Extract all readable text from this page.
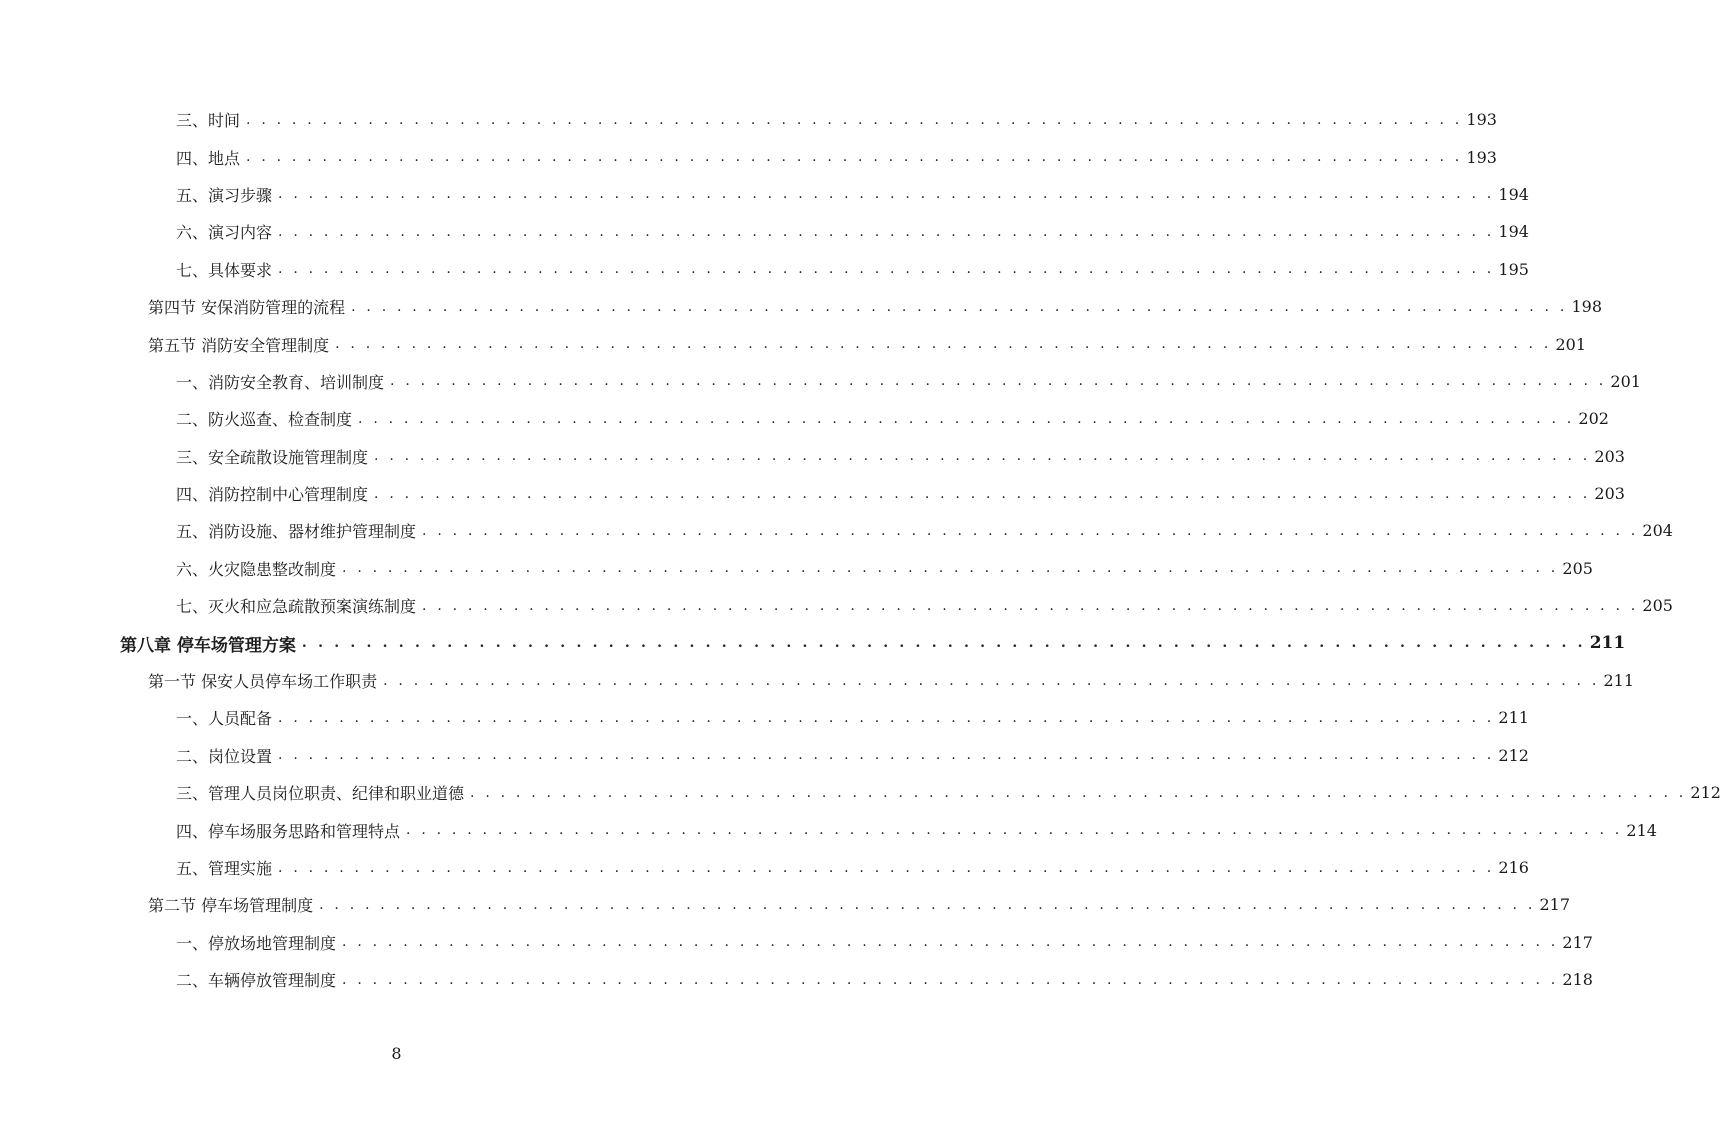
三、时间 . . . . . . . . . . . . . . . . . . . . . . . . . . . . . . . . . . . . . . . . . . . . . . . . . . . . . . . . . . . . . . . . . . . . . . . . . . . . . . . . 193
四、地点 . . . . . . . . . . . . . . . . . . . . . . . . . . . . . . . . . . . . . . . . . . . . . . . . . . . . . . . . . . . . . . . . . . . . . . . . . . . . . . . . 193
五、演习步骤 . . . . . . . . . . . . . . . . . . . . . . . . . . . . . . . . . . . . . . . . . . . . . . . . . . . . . . . . . . . . . . . . . . . . . . . . . . . . . . . . 194
六、演习内容 . . . . . . . . . . . . . . . . . . . . . . . . . . . . . . . . . . . . . . . . . . . . . . . . . . . . . . . . . . . . . . . . . . . . . . . . . . . . . . . . 194
七、具体要求 . . . . . . . . . . . . . . . . . . . . . . . . . . . . . . . . . . . . . . . . . . . . . . . . . . . . . . . . . . . . . . . . . . . . . . . . . . . . . . . . 195
第四节 安保消防管理的流程 . . . . . . . . . . . . . . . . . . . . . . . . . . . . . . . . . . . . . . . . . . . . . . . . . . . . . . . . . . . . . . . . . . . . . . . . . . . . . . . . 198
第五节 消防安全管理制度 . . . . . . . . . . . . . . . . . . . . . . . . . . . . . . . . . . . . . . . . . . . . . . . . . . . . . . . . . . . . . . . . . . . . . . . . . . . . . . . . 201
一、消防安全教育、培训制度 . . . . . . . . . . . . . . . . . . . . . . . . . . . . . . . . . . . . . . . . . . . . . . . . . . . . . . . . . . . . . . . . . . . . . . . . . . . . . . . . 201
二、防火巡查、检查制度 . . . . . . . . . . . . . . . . . . . . . . . . . . . . . . . . . . . . . . . . . . . . . . . . . . . . . . . . . . . . . . . . . . . . . . . . . . . . . . . . 202
三、安全疏散设施管理制度 . . . . . . . . . . . . . . . . . . . . . . . . . . . . . . . . . . . . . . . . . . . . . . . . . . . . . . . . . . . . . . . . . . . . . . . . . . . . . . . . 203
四、消防控制中心管理制度 . . . . . . . . . . . . . . . . . . . . . . . . . . . . . . . . . . . . . . . . . . . . . . . . . . . . . . . . . . . . . . . . . . . . . . . . . . . . . . . . 203
五、消防设施、器材维护管理制度 . . . . . . . . . . . . . . . . . . . . . . . . . . . . . . . . . . . . . . . . . . . . . . . . . . . . . . . . . . . . . . . . . . . . . . . . . . . . . . . . 204
六、火灾隐患整改制度 . . . . . . . . . . . . . . . . . . . . . . . . . . . . . . . . . . . . . . . . . . . . . . . . . . . . . . . . . . . . . . . . . . . . . . . . . . . . . . . . 205
七、灭火和应急疏散预案演练制度 . . . . . . . . . . . . . . . . . . . . . . . . . . . . . . . . . . . . . . . . . . . . . . . . . . . . . . . . . . . . . . . . . . . . . . . . . . . . . . . . 205
第八章 停车场管理方案 . . . . . . . . . . . . . . . . . . . . . . . . . . . . . . . . . . . . . . . . . . . . . . . . . . . . . . . . . . . . . . . . . . . . . . . . . . . . . . . . 211
第一节 保安人员停车场工作职责 . . . . . . . . . . . . . . . . . . . . . . . . . . . . . . . . . . . . . . . . . . . . . . . . . . . . . . . . . . . . . . . . . . . . . . . . . . . . . . . . 211
一、人员配备 . . . . . . . . . . . . . . . . . . . . . . . . . . . . . . . . . . . . . . . . . . . . . . . . . . . . . . . . . . . . . . . . . . . . . . . . . . . . . . . . 211
二、岗位设置 . . . . . . . . . . . . . . . . . . . . . . . . . . . . . . . . . . . . . . . . . . . . . . . . . . . . . . . . . . . . . . . . . . . . . . . . . . . . . . . . 212
三、管理人员岗位职责、纪律和职业道德 . . . . . . . . . . . . . . . . . . . . . . . . . . . . . . . . . . . . . . . . . . . . . . . . . . . . . . . . . . . . . . . . . . . . . . . . . . . . . . . . 212
四、停车场服务思路和管理特点 . . . . . . . . . . . . . . . . . . . . . . . . . . . . . . . . . . . . . . . . . . . . . . . . . . . . . . . . . . . . . . . . . . . . . . . . . . . . . . . . 214
五、管理实施 . . . . . . . . . . . . . . . . . . . . . . . . . . . . . . . . . . . . . . . . . . . . . . . . . . . . . . . . . . . . . . . . . . . . . . . . . . . . . . . . 216
第二节 停车场管理制度 . . . . . . . . . . . . . . . . . . . . . . . . . . . . . . . . . . . . . . . . . . . . . . . . . . . . . . . . . . . . . . . . . . . . . . . . . . . . . . . . 217
一、停放场地管理制度 . . . . . . . . . . . . . . . . . . . . . . . . . . . . . . . . . . . . . . . . . . . . . . . . . . . . . . . . . . . . . . . . . . . . . . . . . . . . . . . . 217
二、车辆停放管理制度 . . . . . . . . . . . . . . . . . . . . . . . . . . . . . . . . . . . . . . . . . . . . . . . . . . . . . . . . . . . . . . . . . . . . . . . . . . . . . . . . 218
8
